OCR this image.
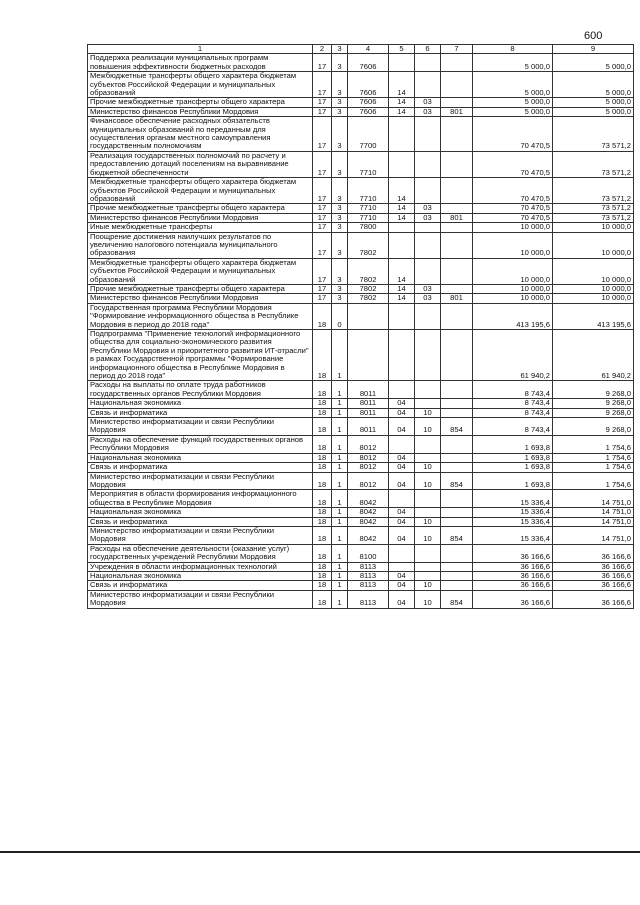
600
1	2	3	4	5	6	7	8	9
Поддержка реализации муниципальных программ повышения эффективности бюджетных расходов	17	3	7606				5 000,0	5 000,0
Межбюджетные трансферты общего характера бюджетам субъектов Российской Федерации и муниципальных образований	17	3	7606	14			5 000,0	5 000,0
Прочие межбюджетные трансферты общего характера	17	3	7606	14	03		5 000,0	5 000,0
Министерство финансов Республики Мордовия	17	3	7606	14	03	801	5 000,0	5 000,0
Финансовое обеспечение расходных обязательств муниципальных образований по переданным для осуществления органам местного самоуправления государственным полномочиям	17	3	7700				70 470,5	73 571,2
Реализация государственных полномочий по расчету и предоставлению дотаций поселениям на выравнивание бюджетной обеспеченности	17	3	7710				70 470,5	73 571,2
Межбюджетные трансферты общего характера бюджетам субъектов Российской Федерации и муниципальных образований	17	3	7710	14			70 470,5	73 571,2
Прочие межбюджетные трансферты общего характера	17	3	7710	14	03		70 470,5	73 571,2
Министерство финансов Республики Мордовия	17	3	7710	14	03	801	70 470,5	73 571,2
Иные межбюджетные трансферты	17	3	7800				10 000,0	10 000,0
Поощрение достижения наилучших результатов по увеличению налогового потенциала муниципального образования	17	3	7802				10 000,0	10 000,0
Межбюджетные трансферты общего характера бюджетам субъектов Российской Федерации и муниципальных образований	17	3	7802	14			10 000,0	10 000,0
Прочие межбюджетные трансферты общего характера	17	3	7802	14	03		10 000,0	10 000,0
Министерство финансов Республики Мордовия	17	3	7802	14	03	801	10 000,0	10 000,0
Государственная программа Республики Мордовия "Формирование информационного общества в Республике Мордовия в период до 2018 года"	18	0					413 195,6	413 195,6
Подпрограмма "Применение технологий информационного общества для социально-экономического развития Республики Мордовия и приоритетного развития ИТ-отрасли" в рамках Государственной программы "Формирование информационного общества в Республике Мордовия в период до 2018 года"	18	1					61 940,2	61 940,2
Расходы на выплаты по оплате труда работников государственных органов Республики Мордовия	18	1	8011				8 743,4	9 268,0
Национальная экономика	18	1	8011	04			8 743,4	9 268,0
Связь и информатика	18	1	8011	04	10		8 743,4	9 268,0
Министерство информатизации и связи Республики Мордовия	18	1	8011	04	10	854	8 743,4	9 268,0
Расходы на обеспечение функций государственных органов Республики Мордовия	18	1	8012				1 693,8	1 754,6
Национальная экономика	18	1	8012	04			1 693,8	1 754,6
Связь и информатика	18	1	8012	04	10		1 693,8	1 754,6
Министерство информатизации и связи Республики Мордовия	18	1	8012	04	10	854	1 693,8	1 754,6
Мероприятия в области формирования информационного общества в Республике Мордовия	18	1	8042				15 336,4	14 751,0
Национальная экономика	18	1	8042	04			15 336,4	14 751,0
Связь и информатика	18	1	8042	04	10		15 336,4	14 751,0
Министерство информатизации и связи Республики Мордовия	18	1	8042	04	10	854	15 336,4	14 751,0
Расходы на обеспечение деятельности (оказание услуг) государственных учреждений Республики Мордовия	18	1	8100				36 166,6	36 166,6
Учреждения в области информационных технологий	18	1	8113				36 166,6	36 166,6
Национальная экономика	18	1	8113	04			36 166,6	36 166,6
Связь и информатика	18	1	8113	04	10		36 166,6	36 166,6
Министерство информатизации и связи Республики Мордовия	18	1	8113	04	10	854	36 166,6	36 166,6
